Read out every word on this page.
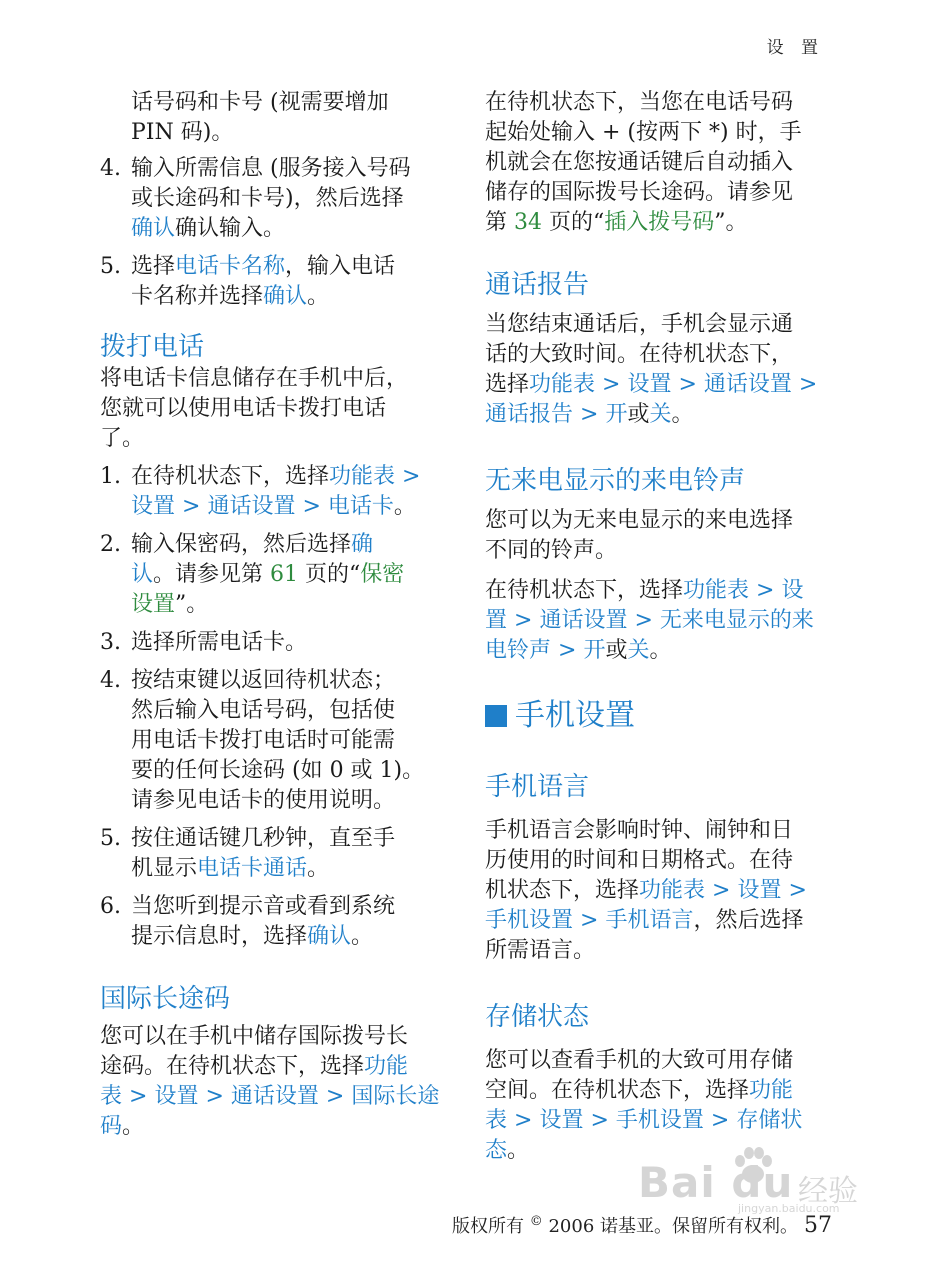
设 置

话号码和卡号 (视需要增加
PIN 码)。

4. 输入所需信息 (服务接入号码
或长途码和卡号)，然后选择
确认确认输入。
5. 选择电话卡名称，输入电话
卡名称并选择确认。
拨打电话

将电话卡信息储存在手机中后，
您就可以使用电话卡拨打电话
了。

1. 在待机状态下，选择功能表 >
设置 > 通话设置 > 电话卡。
2. 输入保密码，然后选择确
认。请参见第 61 页的“保密
设置”。
3. 选择所需电话卡。
4. 按结束键以返回待机状态；
然后输入电话号码，包括使
用电话卡拨打电话时可能需
要的任何长途码 (如 0 或 1)。
请参见电话卡的使用说明。
5. 按住通话键几秒钟，直至手
机显示电话卡通话。
6. 当您听到提示音或看到系统
提示信息时，选择确认。
国际长途码

您可以在手机中储存国际拨号长
途码。在待机状态下，选择功能
表 > 设置 > 通话设置 > 国际长途
码。

在待机状态下，当您在电话号码
起始处输入 + (按两下 *) 时，手
机就会在您按通话键后自动插入
储存的国际拨号长途码。请参见
第 34 页的“插入拨号码”。

通话报告

当您结束通话后，手机会显示通
话的大致时间。在待机状态下，
选择功能表 > 设置 > 通话设置 >
通话报告 > 开或关。

无来电显示的来电铃声

您可以为无来电显示的来电选择
不同的铃声。

在待机状态下，选择功能表 > 设
置 > 通话设置 > 无来电显示的来
电铃声 > 开或关。

手机设置
手机语言

手机语言会影响时钟、闹钟和日
历使用的时间和日期格式。在待
机状态下，选择功能表 > 设置 >
手机设置 > 手机语言，然后选择
所需语言。

存储状态

您可以查看手机的大致可用存储
空间。在待机状态下，选择功能
表 > 设置 > 手机设置 > 存储状
态。

Bai du 经验
jingyan.baidu.com
版权所有 © 2006 诺基亚。保留所有权利。 57
